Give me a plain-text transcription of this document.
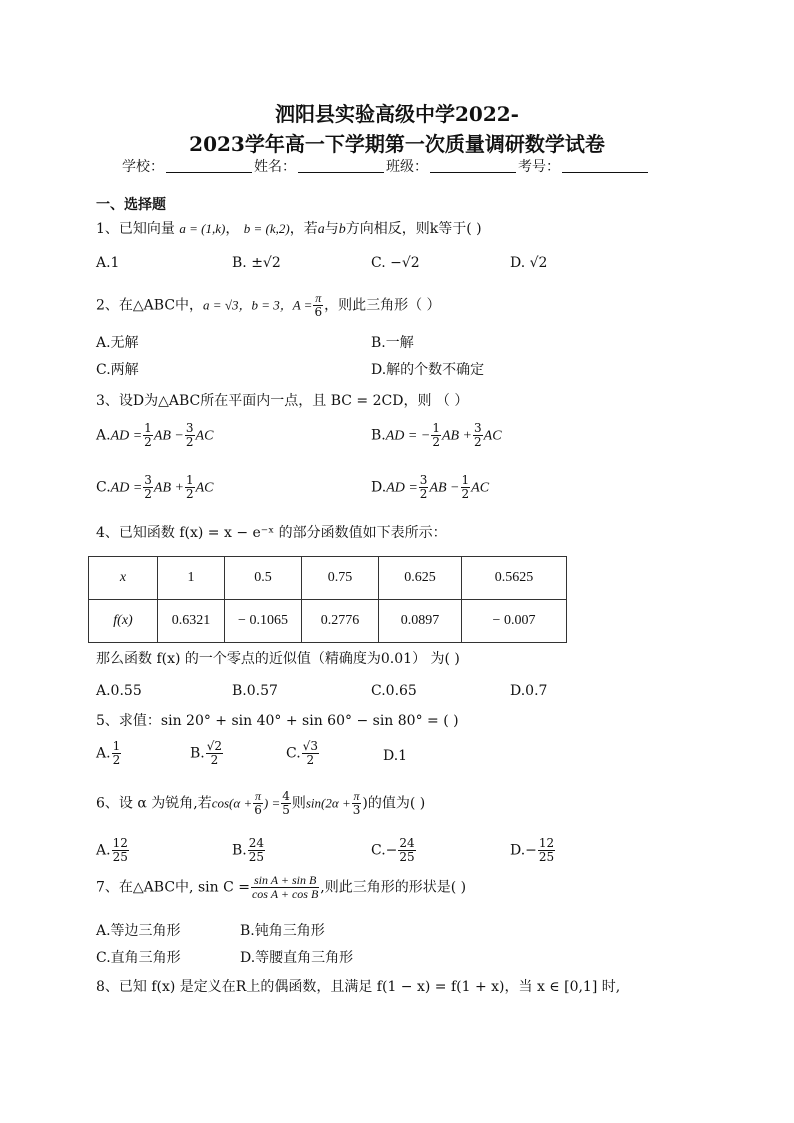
泗阳县实验高级中学2022-
2023学年高一下学期第一次质量调研数学试卷
学校：	姓名：	班级：	考号：
一、选择题
1、已知向量 a = (1,k)， b = (k,2)，若a与b方向相反，则k等于( )
A.1	B. ±√2	C. −√2	D. √2
2、在△ABC中，a = √3，b = 3，$A = \frac{\pi}{6}$ ，则此三角形（ ）
A.无解	B.一解
C.两解	D.解的个数不确定
3、设D为△ABC所在平面内一点，且 BC = 2CD，则 （ ）
$A.AD = \frac{1}{2}$ AB − $\frac{3}{2}$ AC	B.AD = − $\frac{1}{2}$ AB + $\frac{3}{2}$ AC
$C.AD = \frac{3}{2}$ AB + $\frac{1}{2}$ AC	$D.AD = \frac{3}{2}$ AB − $\frac{1}{2}$ AC
4、已知函数 f(x) = x − e⁻ˣ 的部分函数值如下表所示：
x	1	0.5	0.75	0.625	0.5625
f(x)	0.6321	− 0.1065	0.2776	0.0897	− 0.007
那么函数 f(x) 的一个零点的近似值（精确度为0.01） 为( )
A.0.55	B.0.57	C.0.65	D.0.7
5、求值：sin 20° + sin 40° + sin 60° − sin 80° = ( )
A. $\frac{1}{2}$	B. $\frac{√2}{2}$	C. $\frac{√3}{2}$	D.1
6、设 α 为锐角,若$\cos(\alpha + \frac{\pi}{6}$ ) = $\frac{4}{5}$ 则$\sin(2\alpha + \frac{\pi}{3}$ )的值为( )
A. $\frac{12}{25}$	B. $\frac{24}{25}$	$C.- \frac{24}{25}$	$D.- \frac{12}{25}$
7、在△ABC中, $\sin C = \frac{\text{sin A + sin B}}{\text{cos A + cos B}}$ ,则此三角形的形状是( )
A.等边三角形	B.钝角三角形
C.直角三角形	D.等腰直角三角形
8、已知 f(x) 是定义在R上的偶函数，且满足 f(1 − x) = f(1 + x)，当 x ∈ [0,1] 时,
